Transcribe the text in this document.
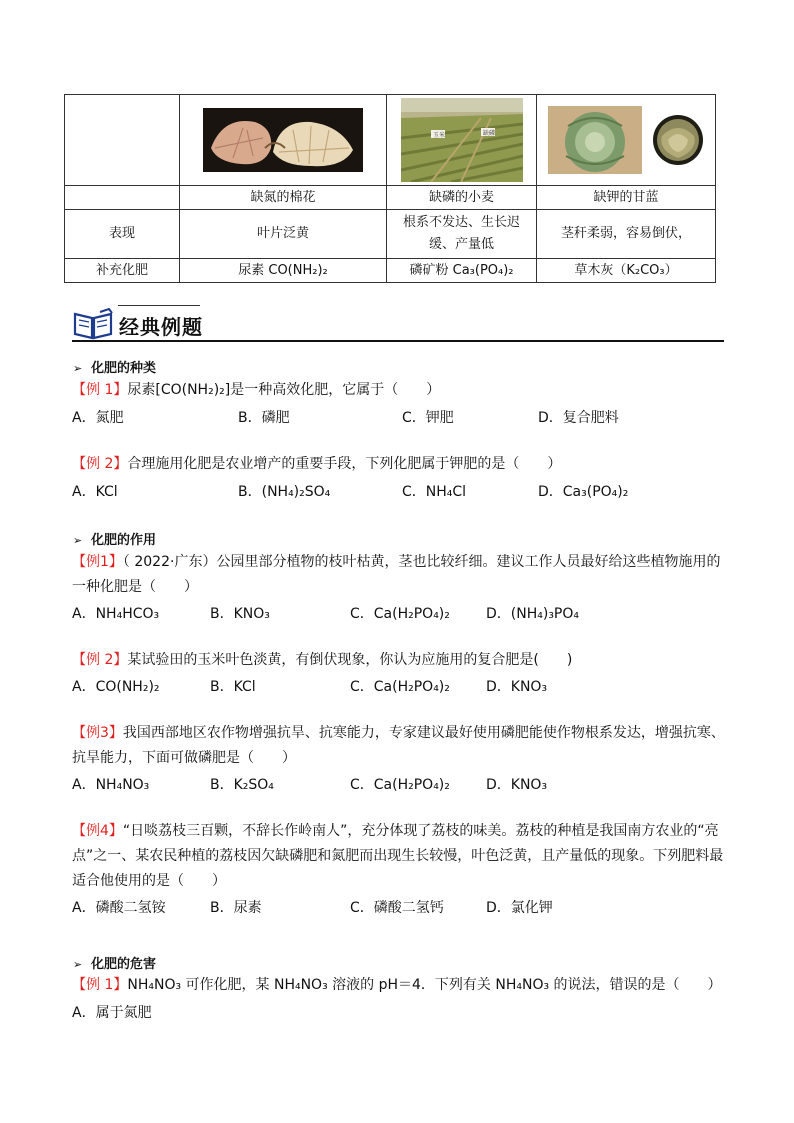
玉米 缺磷

	缺氮的棉花	缺磷的小麦	缺钾的甘蓝
表现	叶片泛黄	根系不发达、生长迟缓、产量低	茎秆柔弱，容易倒伏，
补充化肥	尿素 CO(NH₂)₂	磷矿粉 Ca₃(PO₄)₂	草木灰（K₂CO₃）
经典例题
➢ 化肥的种类
【例 1】尿素[CO(NH₂)₂]是一种高效化肥，它属于（　　）
A．氮肥	B．磷肥	C．钾肥	D．复合肥料
【例 2】合理施用化肥是农业增产的重要手段，下列化肥属于钾肥的是（　　）
A．KCl	B．(NH₄)₂SO₄	C．NH₄Cl	D．Ca₃(PO₄)₂
➢ 化肥的作用
【例1】（ 2022·广东）公园里部分植物的枝叶枯黄，茎也比较纤细。建议工作人员最好给这些植物施用的
一种化肥是（　　）
A．NH₄HCO₃	B．KNO₃	C．Ca(H₂PO₄)₂	D．(NH₄)₃PO₄
【例 2】某试验田的玉米叶色淡黄，有倒伏现象，你认为应施用的复合肥是(　　)
A．CO(NH₂)₂	B．KCl	C．Ca(H₂PO₄)₂	D．KNO₃
【例3】我国西部地区农作物增强抗旱、抗寒能力，专家建议最好使用磷肥能使作物根系发达，增强抗寒、
抗旱能力，下面可做磷肥是（　　）
A．NH₄NO₃	B．K₂SO₄	C．Ca(H₂PO₄)₂	D．KNO₃
【例4】“日啖荔枝三百颗，不辞长作岭南人”，充分体现了荔枝的味美。荔枝的种植是我国南方农业的“亮
点”之一、某农民种植的荔枝因欠缺磷肥和氮肥而出现生长较慢，叶色泛黄，且产量低的现象。下列肥料最
适合他使用的是（　　）
A．磷酸二氢铵	B．尿素	C．磷酸二氢钙	D．氯化钾
➢ 化肥的危害
【例 1】NH₄NO₃ 可作化肥，某 NH₄NO₃ 溶液的 pH＝4．下列有关 NH₄NO₃ 的说法，错误的是（　　）
A．属于氮肥
